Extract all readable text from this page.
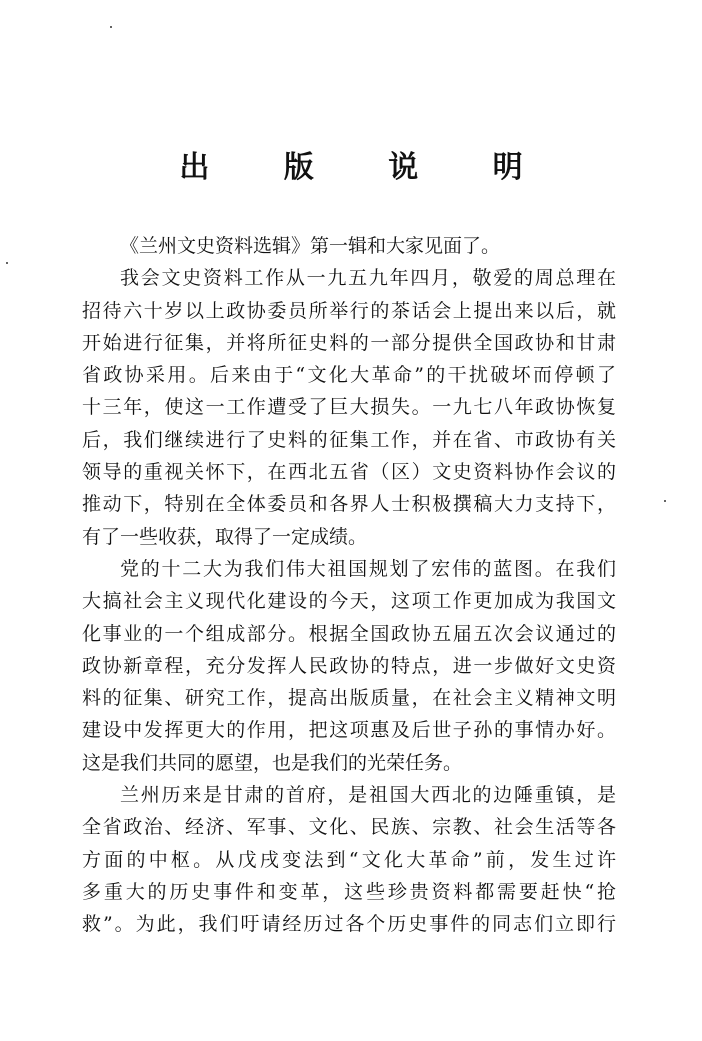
出 版 说 明
《兰州文史资料选辑》第一辑和大家见面了。
我会文史资料工作从一九五九年四月，敬爱的周总理在
招待六十岁以上政协委员所举行的茶话会上提出来以后，就
开始进行征集，并将所征史料的一部分提供全国政协和甘肃
省政协采用。后来由于“文化大革命”的干扰破坏而停顿了
十三年，使这一工作遭受了巨大损失。一九七八年政协恢复
后，我们继续进行了史料的征集工作，并在省、市政协有关
领导的重视关怀下，在西北五省（区）文史资料协作会议的
推动下，特别在全体委员和各界人士积极撰稿大力支持下，
有了一些收获，取得了一定成绩。
党的十二大为我们伟大祖国规划了宏伟的蓝图。在我们
大搞社会主义现代化建设的今天，这项工作更加成为我国文
化事业的一个组成部分。根据全国政协五届五次会议通过的
政协新章程，充分发挥人民政协的特点，进一步做好文史资
料的征集、研究工作，提高出版质量，在社会主义精神文明
建设中发挥更大的作用，把这项惠及后世子孙的事情办好。
这是我们共同的愿望，也是我们的光荣任务。
兰州历来是甘肃的首府，是祖国大西北的边陲重镇，是
全省政治、经济、军事、文化、民族、宗教、社会生活等各
方面的中枢。从戊戌变法到“文化大革命”前，发生过许
多重大的历史事件和变革，这些珍贵资料都需要赶快“抢
救”。为此，我们吁请经历过各个历史事件的同志们立即行
